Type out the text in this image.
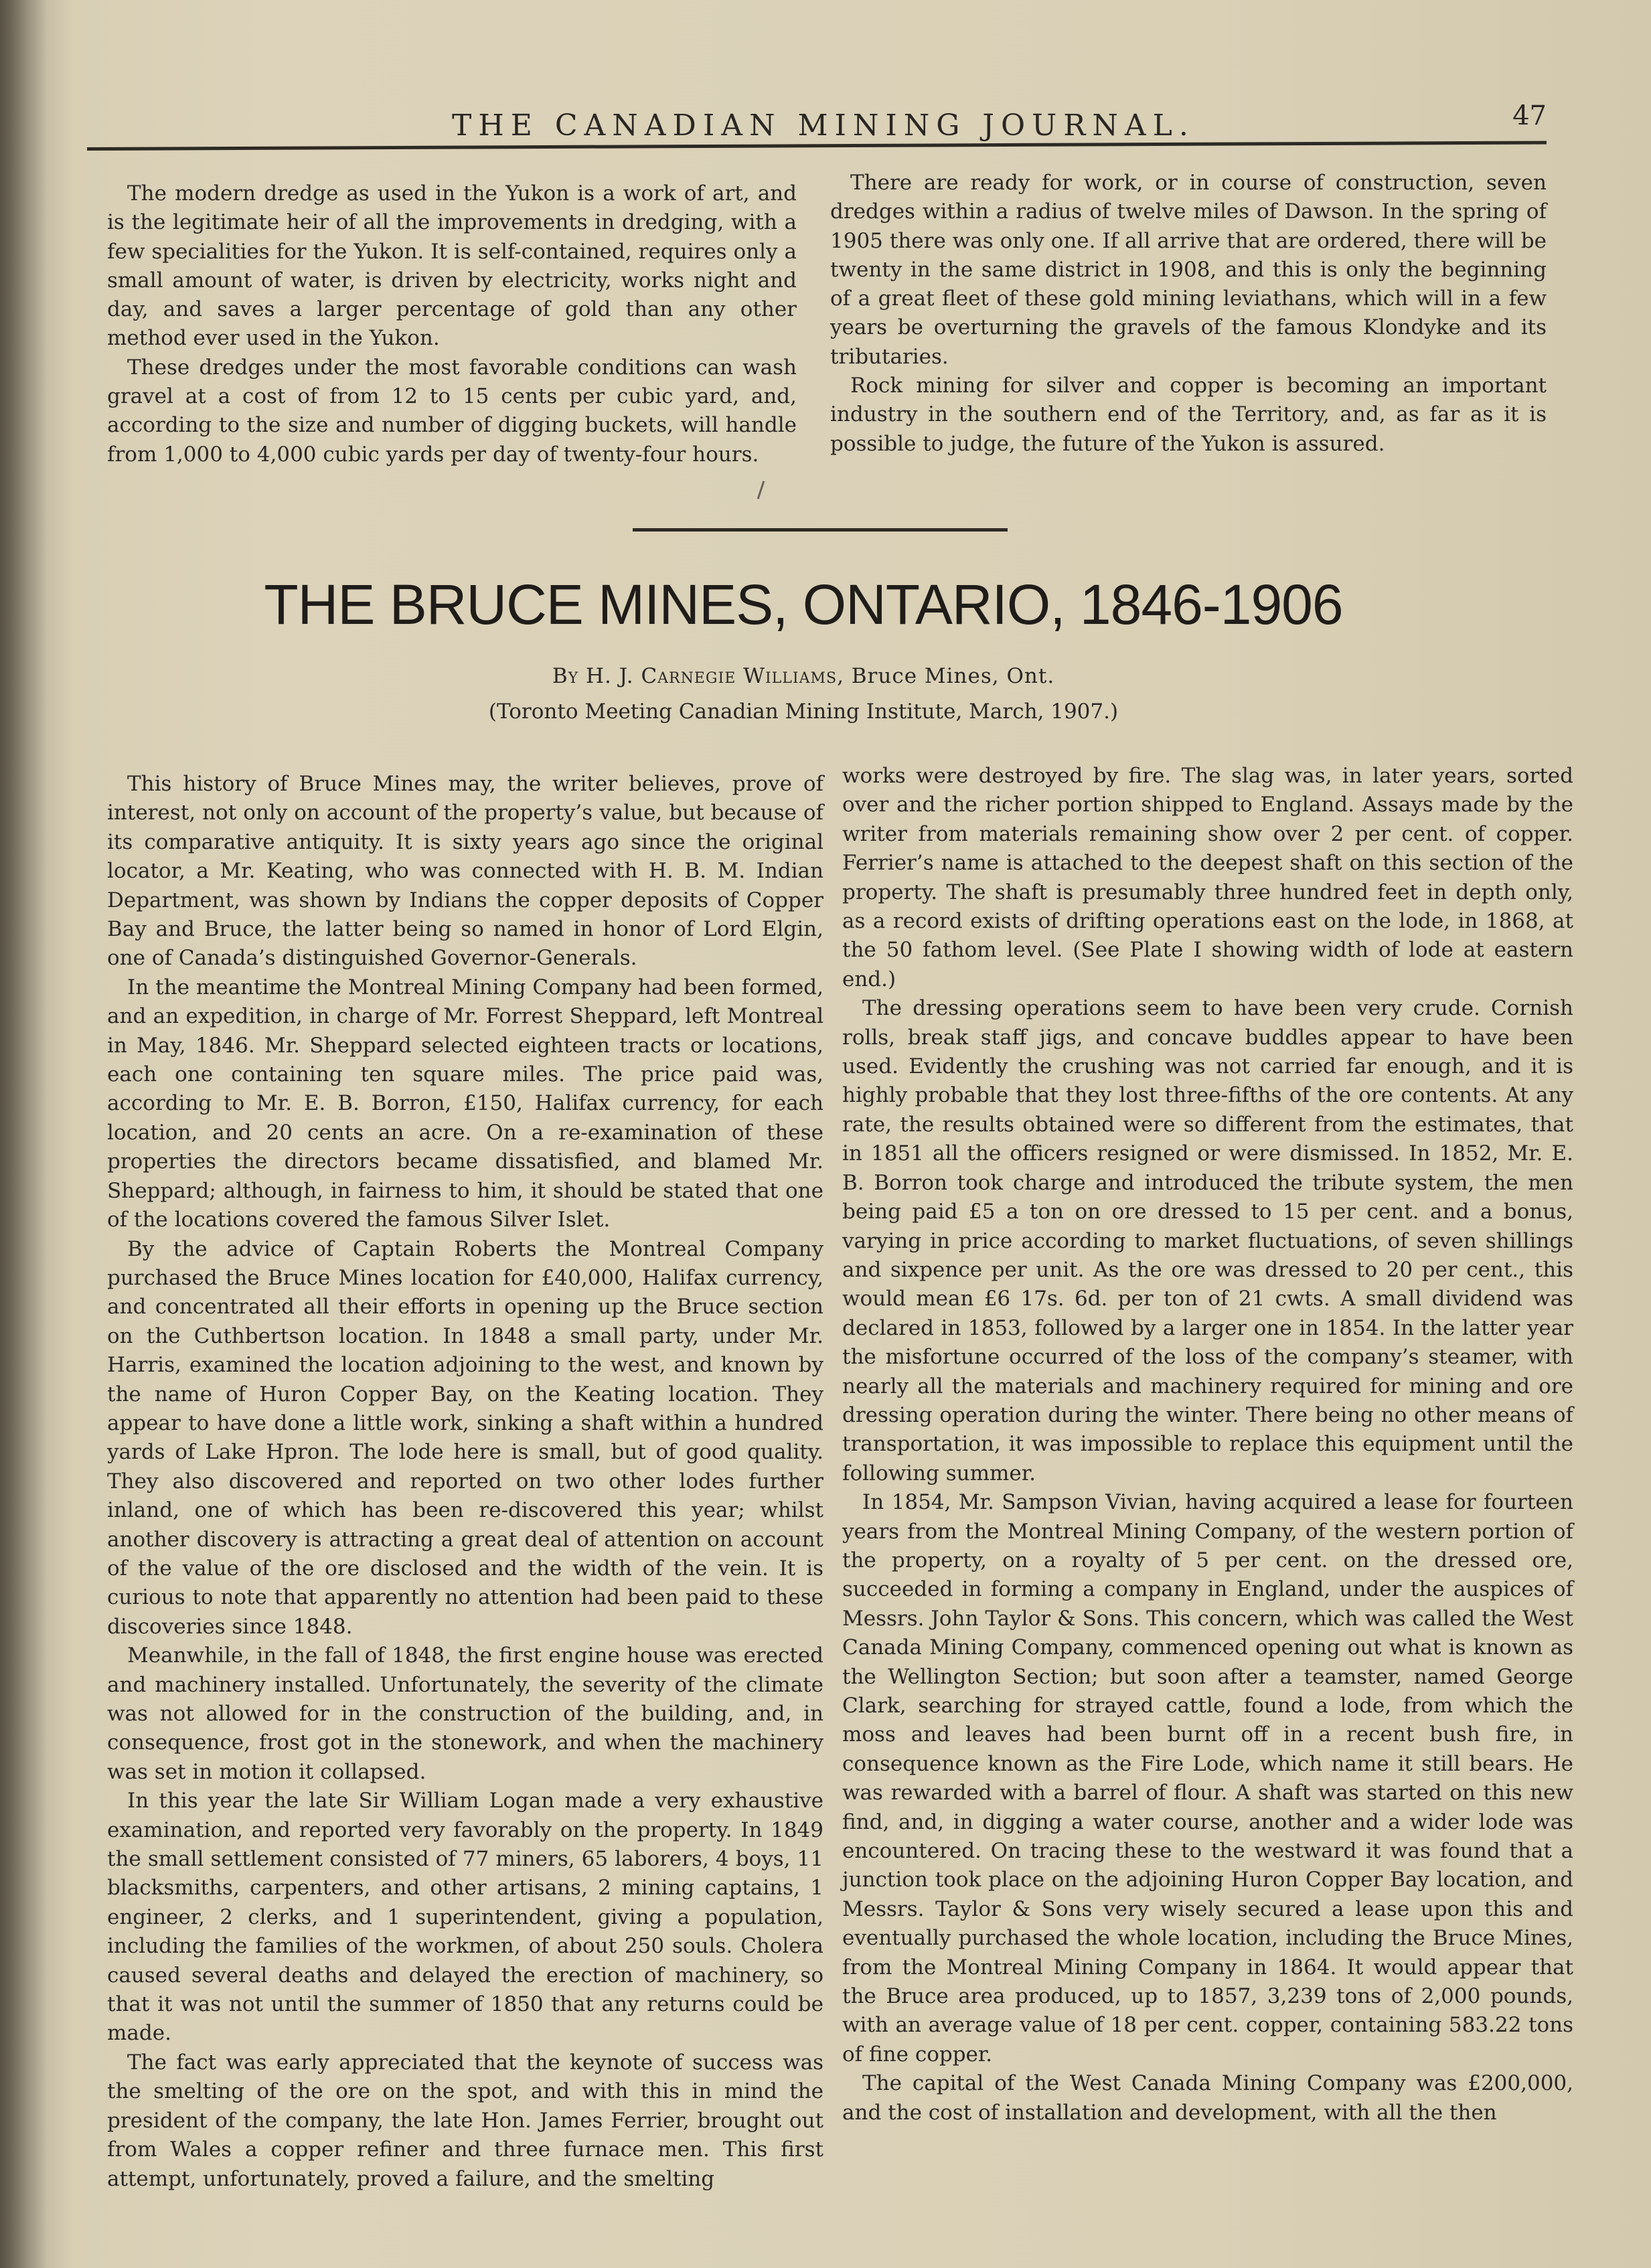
THE CANADIAN MINING JOURNAL.	47

The modern dredge as used in the Yukon is a work of art, and is the legitimate heir of all the improvements in dredging, with a few specialities for the Yukon. It is self-contained, requires only a small amount of water, is driven by electricity, works night and day, and saves a larger percentage of gold than any other method ever used in the Yukon.

These dredges under the most favorable conditions can wash gravel at a cost of from 12 to 15 cents per cubic yard, and, according to the size and number of digging buckets, will handle from 1,000 to 4,000 cubic yards per day of twenty-four hours.

There are ready for work, or in course of construction, seven dredges within a radius of twelve miles of Dawson. In the spring of 1905 there was only one. If all arrive that are ordered, there will be twenty in the same district in 1908, and this is only the beginning of a great fleet of these gold mining leviathans, which will in a few years be overturning the gravels of the famous Klondyke and its tributaries.

Rock mining for silver and copper is becoming an important industry in the southern end of the Territory, and, as far as it is possible to judge, the future of the Yukon is assured.

THE BRUCE MINES, ONTARIO, 1846-1906
By H. J. Carnegie Williams, Bruce Mines, Ont.
(Toronto Meeting Canadian Mining Institute, March, 1907.)

This history of Bruce Mines may, the writer believes, prove of interest, not only on account of the property’s value, but because of its comparative antiquity. It is sixty years ago since the original locator, a Mr. Keating, who was connected with H. B. M. Indian Department, was shown by Indians the copper deposits of Copper Bay and Bruce, the latter being so named in honor of Lord Elgin, one of Canada’s distinguished Governor-Generals.

In the meantime the Montreal Mining Company had been formed, and an expedition, in charge of Mr. Forrest Sheppard, left Montreal in May, 1846. Mr. Sheppard selected eighteen tracts or locations, each one containing ten square miles. The price paid was, according to Mr. E. B. Borron, £150, Halifax currency, for each location, and 20 cents an acre. On a re-examination of these properties the directors became dissatisfied, and blamed Mr. Sheppard; although, in fairness to him, it should be stated that one of the locations covered the famous Silver Islet.

By the advice of Captain Roberts the Montreal Company purchased the Bruce Mines location for £40,000, Halifax currency, and concentrated all their efforts in opening up the Bruce section on the Cuthbertson location. In 1848 a small party, under Mr. Harris, examined the location adjoining to the west, and known by the name of Huron Copper Bay, on the Keating location. They appear to have done a little work, sinking a shaft within a hundred yards of Lake Hpron. The lode here is small, but of good quality. They also discovered and reported on two other lodes further inland, one of which has been re-discovered this year; whilst another discovery is attracting a great deal of attention on account of the value of the ore disclosed and the width of the vein. It is curious to note that apparently no attention had been paid to these discoveries since 1848.

Meanwhile, in the fall of 1848, the first engine house was erected and machinery installed. Unfortunately, the severity of the climate was not allowed for in the construction of the building, and, in consequence, frost got in the stonework, and when the machinery was set in motion it collapsed.

In this year the late Sir William Logan made a very exhaustive examination, and reported very favorably on the property. In 1849 the small settlement consisted of 77 miners, 65 laborers, 4 boys, 11 blacksmiths, carpenters, and other artisans, 2 mining captains, 1 engineer, 2 clerks, and 1 superintendent, giving a population, including the families of the workmen, of about 250 souls. Cholera caused several deaths and delayed the erection of machinery, so that it was not until the summer of 1850 that any returns could be made.

The fact was early appreciated that the keynote of success was the smelting of the ore on the spot, and with this in mind the president of the company, the late Hon. James Ferrier, brought out from Wales a copper refiner and three furnace men. This first attempt, unfortunately, proved a failure, and the smelting

works were destroyed by fire. The slag was, in later years, sorted over and the richer portion shipped to England. Assays made by the writer from materials remaining show over 2 per cent. of copper. Ferrier’s name is attached to the deepest shaft on this section of the property. The shaft is presumably three hundred feet in depth only, as a record exists of drifting operations east on the lode, in 1868, at the 50 fathom level. (See Plate I showing width of lode at eastern end.)

The dressing operations seem to have been very crude. Cornish rolls, break staff jigs, and concave buddles appear to have been used. Evidently the crushing was not carried far enough, and it is highly probable that they lost three-fifths of the ore contents. At any rate, the results obtained were so different from the estimates, that in 1851 all the officers resigned or were dismissed. In 1852, Mr. E. B. Borron took charge and introduced the tribute system, the men being paid £5 a ton on ore dressed to 15 per cent. and a bonus, varying in price according to market fluctuations, of seven shillings and sixpence per unit. As the ore was dressed to 20 per cent., this would mean £6 17s. 6d. per ton of 21 cwts. A small dividend was declared in 1853, followed by a larger one in 1854. In the latter year the misfortune occurred of the loss of the company’s steamer, with nearly all the materials and machinery required for mining and ore dressing operation during the winter. There being no other means of transportation, it was impossible to replace this equipment until the following summer.

In 1854, Mr. Sampson Vivian, having acquired a lease for fourteen years from the Montreal Mining Company, of the western portion of the property, on a royalty of 5 per cent. on the dressed ore, succeeded in forming a company in England, under the auspices of Messrs. John Taylor & Sons. This concern, which was called the West Canada Mining Company, commenced opening out what is known as the Wellington Section; but soon after a teamster, named George Clark, searching for strayed cattle, found a lode, from which the moss and leaves had been burnt off in a recent bush fire, in consequence known as the Fire Lode, which name it still bears. He was rewarded with a barrel of flour. A shaft was started on this new find, and, in digging a water course, another and a wider lode was encountered. On tracing these to the westward it was found that a junction took place on the adjoining Huron Copper Bay location, and Messrs. Taylor & Sons very wisely secured a lease upon this and eventually purchased the whole location, including the Bruce Mines, from the Montreal Mining Company in 1864. It would appear that the Bruce area produced, up to 1857, 3,239 tons of 2,000 pounds, with an average value of 18 per cent. copper, containing 583.22 tons of fine copper.

The capital of the West Canada Mining Company was £200,000, and the cost of installation and development, with all the then
